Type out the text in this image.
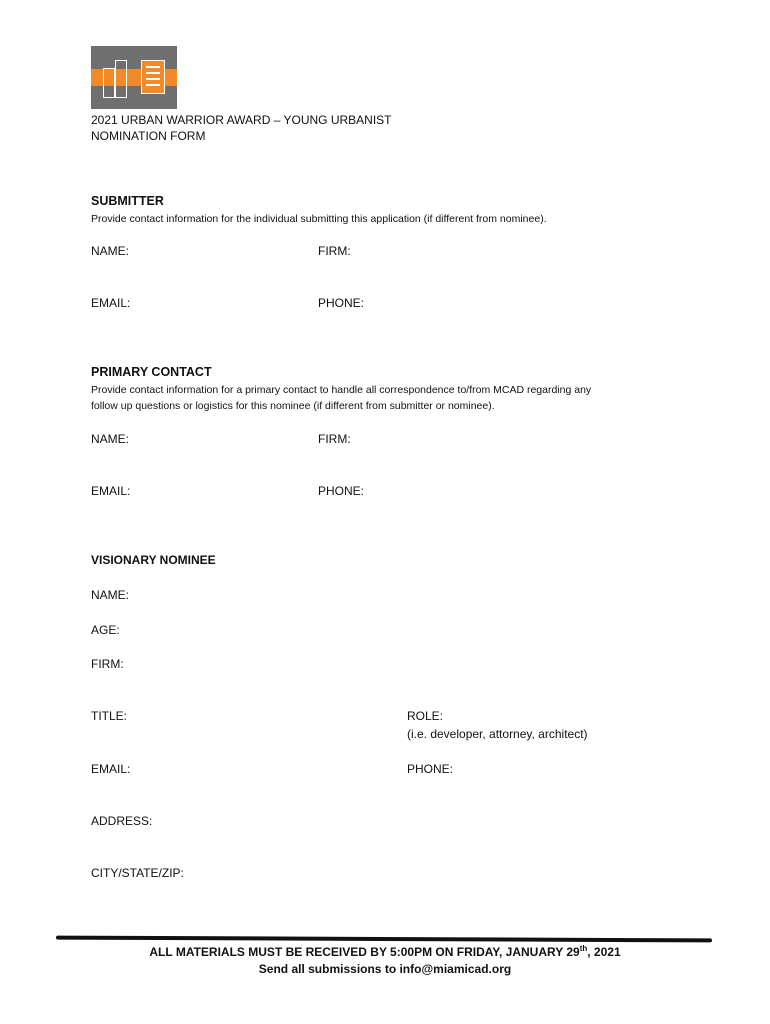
2021 URBAN WARRIOR AWARD – YOUNG URBANIST
NOMINATION FORM
SUBMITTER
Provide contact information for the individual submitting this application (if different from nominee).
NAME:	FIRM:
EMAIL:	PHONE:
PRIMARY CONTACT
Provide contact information for a primary contact to handle all correspondence to/from MCAD regarding any
follow up questions or logistics for this nominee (if different from submitter or nominee).
NAME:	FIRM:
EMAIL:	PHONE:
VISIONARY NOMINEE
NAME:
AGE:
FIRM:
TITLE:	ROLE:
(i.e. developer, attorney, architect)
EMAIL:	PHONE:
ADDRESS:
CITY/STATE/ZIP:
ALL MATERIALS MUST BE RECEIVED BY 5:00PM ON FRIDAY, JANUARY 29th, 2021
Send all submissions to info@miamicad.org
